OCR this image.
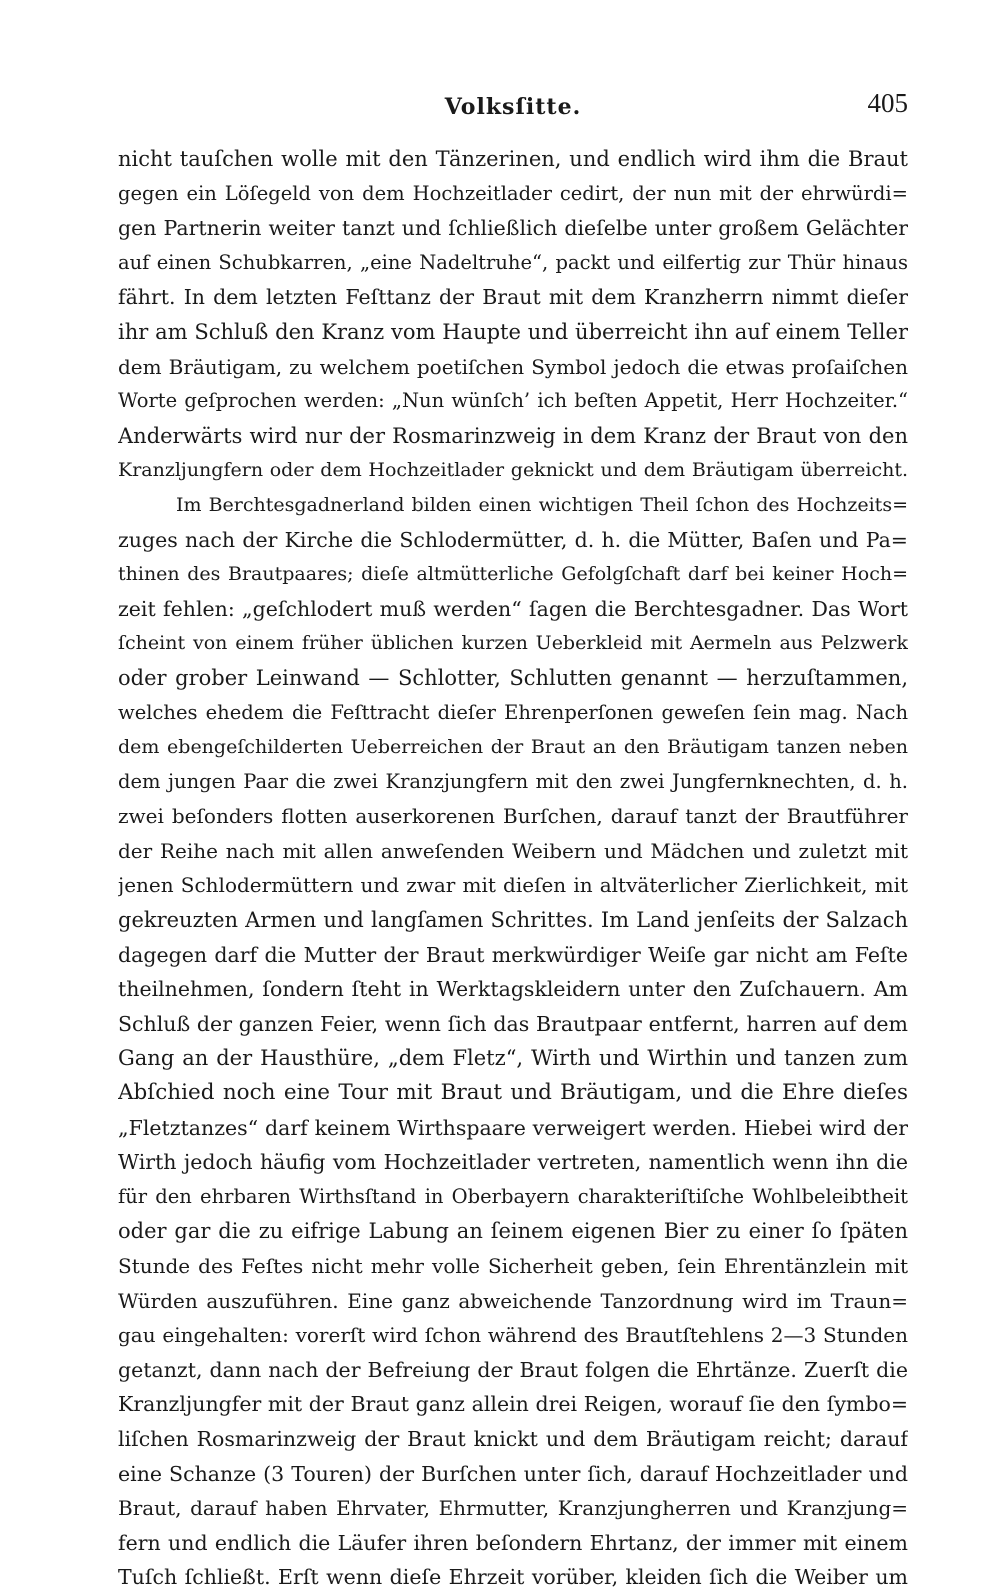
Volksſitte.	405
nicht tauſchen wolle mit den Tänzerinen, und endlich wird ihm die Braut
gegen ein Löſegeld von dem Hochzeitlader cedirt, der nun mit der ehrwürdi=
gen Partnerin weiter tanzt und ſchließlich dieſelbe unter großem Gelächter
auf einen Schubkarren, „eine Nadeltruhe“, packt und eilfertig zur Thür hinaus
fährt. In dem letzten Feſttanz der Braut mit dem Kranzherrn nimmt dieſer
ihr am Schluß den Kranz vom Haupte und überreicht ihn auf einem Teller
dem Bräutigam, zu welchem poetiſchen Symbol jedoch die etwas proſaiſchen
Worte geſprochen werden: „Nun wünſch’ ich beſten Appetit, Herr Hochzeiter.“
Anderwärts wird nur der Rosmarinzweig in dem Kranz der Braut von den
Kranzljungfern oder dem Hochzeitlader geknickt und dem Bräutigam überreicht.
Im Berchtesgadnerland bilden einen wichtigen Theil ſchon des Hochzeits=
zuges nach der Kirche die Schlodermütter, d. h. die Mütter, Baſen und Pa=
thinen des Brautpaares; dieſe altmütterliche Gefolgſchaft darf bei keiner Hoch=
zeit fehlen: „geſchlodert muß werden“ ſagen die Berchtesgadner. Das Wort
ſcheint von einem früher üblichen kurzen Ueberkleid mit Aermeln aus Pelzwerk
oder grober Leinwand — Schlotter, Schlutten genannt — herzuſtammen,
welches ehedem die Feſttracht dieſer Ehrenperſonen geweſen ſein mag. Nach
dem ebengeſchilderten Ueberreichen der Braut an den Bräutigam tanzen neben
dem jungen Paar die zwei Kranzjungfern mit den zwei Jungfernknechten, d. h.
zwei beſonders flotten auserkorenen Burſchen, darauf tanzt der Brautführer
der Reihe nach mit allen anweſenden Weibern und Mädchen und zuletzt mit
jenen Schlodermüttern und zwar mit dieſen in altväterlicher Zierlichkeit, mit
gekreuzten Armen und langſamen Schrittes. Im Land jenſeits der Salzach
dagegen darf die Mutter der Braut merkwürdiger Weiſe gar nicht am Feſte
theilnehmen, ſondern ſteht in Werktagskleidern unter den Zuſchauern. Am
Schluß der ganzen Feier, wenn ſich das Brautpaar entfernt, harren auf dem
Gang an der Hausthüre, „dem Fletz“, Wirth und Wirthin und tanzen zum
Abſchied noch eine Tour mit Braut und Bräutigam, und die Ehre dieſes
„Fletztanzes“ darf keinem Wirthspaare verweigert werden. Hiebei wird der
Wirth jedoch häufig vom Hochzeitlader vertreten, namentlich wenn ihn die
für den ehrbaren Wirthsſtand in Oberbayern charakteriſtiſche Wohlbeleibtheit
oder gar die zu eifrige Labung an ſeinem eigenen Bier zu einer ſo ſpäten
Stunde des Feſtes nicht mehr volle Sicherheit geben, ſein Ehrentänzlein mit
Würden auszuführen. Eine ganz abweichende Tanzordnung wird im Traun=
gau eingehalten: vorerſt wird ſchon während des Brautſtehlens 2—3 Stunden
getanzt, dann nach der Befreiung der Braut folgen die Ehrtänze. Zuerſt die
Kranzljungfer mit der Braut ganz allein drei Reigen, worauf ſie den ſymbo=
liſchen Rosmarinzweig der Braut knickt und dem Bräutigam reicht; darauf
eine Schanze (3 Touren) der Burſchen unter ſich, darauf Hochzeitlader und
Braut, darauf haben Ehrvater, Ehrmutter, Kranzjungherren und Kranzjung=
fern und endlich die Läufer ihren beſondern Ehrtanz, der immer mit einem
Tuſch ſchließt. Erſt wenn dieſe Ehrzeit vorüber, kleiden ſich die Weiber um
